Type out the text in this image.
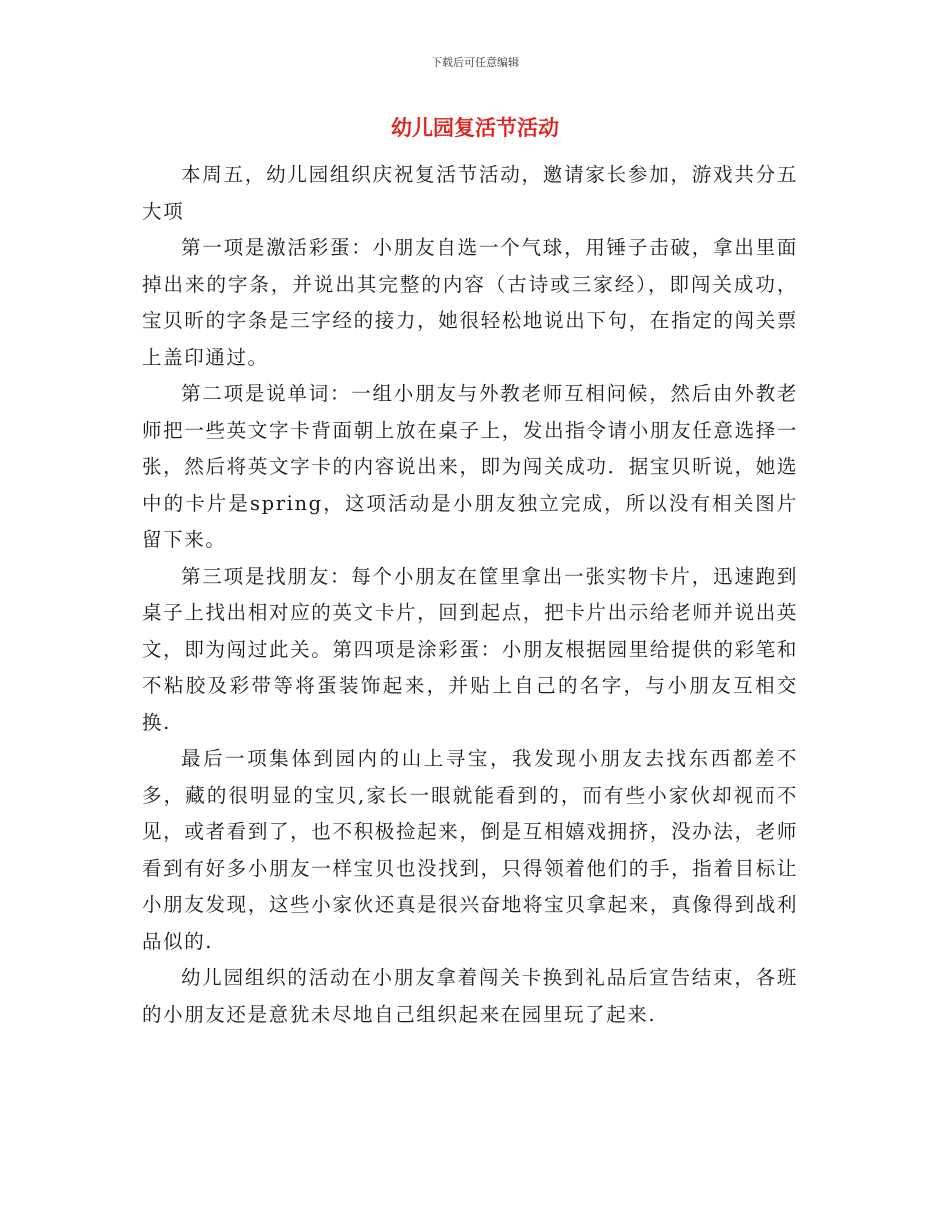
下载后可任意编辑
幼儿园复活节活动

本周五，幼儿园组织庆祝复活节活动，邀请家长参加，游戏共分五大项

第一项是激活彩蛋：小朋友自选一个气球，用锤子击破，拿出里面掉出来的字条，并说出其完整的内容（古诗或三家经），即闯关成功，宝贝昕的字条是三字经的接力，她很轻松地说出下句，在指定的闯关票上盖印通过。

第二项是说单词：一组小朋友与外教老师互相问候，然后由外教老师把一些英文字卡背面朝上放在桌子上，发出指令请小朋友任意选择一张，然后将英文字卡的内容说出来，即为闯关成功．据宝贝昕说，她选中的卡片是spring，这项活动是小朋友独立完成，所以没有相关图片留下来。

第三项是找朋友：每个小朋友在筐里拿出一张实物卡片，迅速跑到桌子上找出相对应的英文卡片，回到起点，把卡片出示给老师并说出英文，即为闯过此关。第四项是涂彩蛋：小朋友根据园里给提供的彩笔和不粘胶及彩带等将蛋装饰起来，并贴上自己的名字，与小朋友互相交换.

最后一项集体到园内的山上寻宝，我发现小朋友去找东西都差不多，藏的很明显的宝贝,家长一眼就能看到的，而有些小家伙却视而不见，或者看到了，也不积极捡起来，倒是互相嬉戏拥挤，没办法，老师看到有好多小朋友一样宝贝也没找到，只得领着他们的手，指着目标让小朋友发现，这些小家伙还真是很兴奋地将宝贝拿起来，真像得到战利品似的.

幼儿园组织的活动在小朋友拿着闯关卡换到礼品后宣告结束，各班的小朋友还是意犹未尽地自己组织起来在园里玩了起来.
